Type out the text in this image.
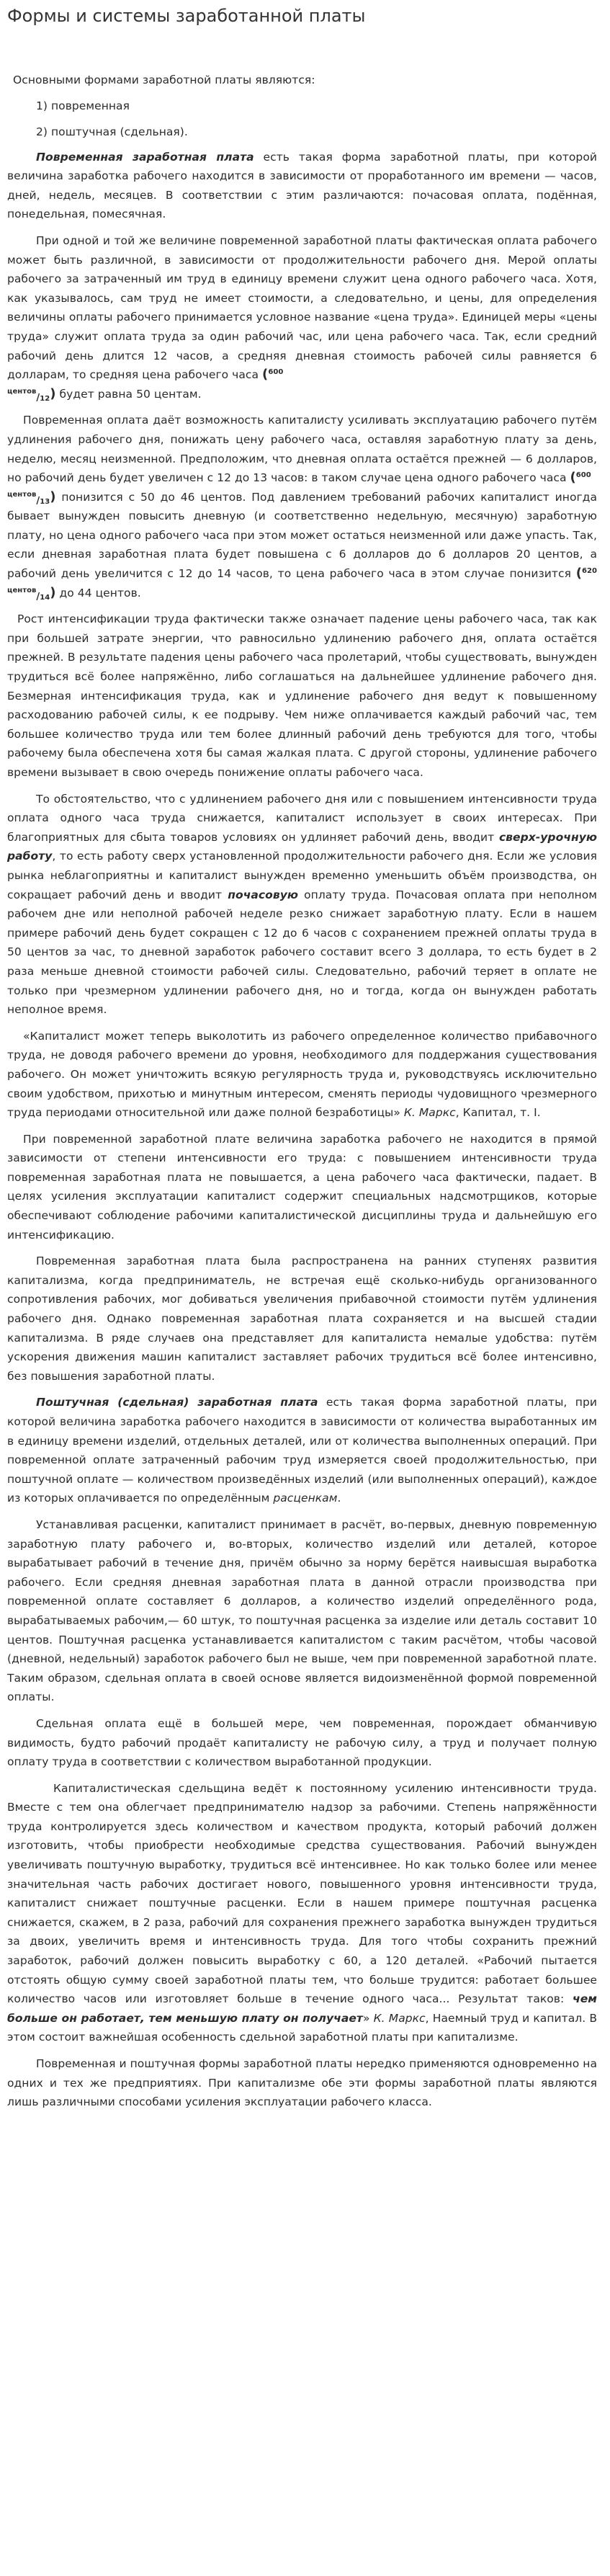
Формы и системы заработанной платы

Основными формами заработной платы являются:

1) повременная

2) поштучная (сдельная).

Повременная заработная плата есть такая форма заработной платы, при которой величина заработка рабочего находится в зависимости от проработанного им времени — часов, дней, недель, месяцев. В соответствии с этим различаются: почасовая оплата, подённая, понедельная, помесячная.

При одной и той же величине повременной заработной платы фактическая оплата рабочего может быть различной, в зависимости от продолжительности рабочего дня. Мерой оплаты рабочего за затраченный им труд в единицу времени служит цена одного рабочего часа. Хотя, как указывалось, сам труд не имеет стоимости, а следовательно, и цены, для определения величины оплаты рабочего принимается условное название «цена труда». Единицей меры «цены труда» служит оплата труда за один рабочий час, или цена рабочего часа. Так, если средний рабочий день длится 12 часов, а средняя дневная стоимость рабочей силы равняется 6 долларам, то средняя цена рабочего часа ($^{600}$
$^{центов}_{/12}$) будет равна 50 центам.

Повременная оплата даёт возможность капиталисту усиливать эксплуатацию рабочего путём удлинения рабочего дня, понижать цену рабочего часа, оставляя заработную плату за день, неделю, месяц неизменной. Предположим, что дневная оплата остаётся прежней — 6 долларов, но рабочий день будет увеличен с 12 до 13 часов: в таком случае цена одного рабочего часа ($^{600}$
$^{центов}_{/13}$) понизится с 50 до 46 центов. Под давлением требований рабочих капиталист иногда бывает вынужден повысить дневную (и соответственно недельную, месячную) заработную плату, но цена одного рабочего часа при этом может остаться неизменной или даже упасть. Так, если дневная заработная плата будет повышена с 6 долларов до 6 долларов 20 центов, а рабочий день увеличится с 12 до 14 часов, то цена рабочего часа в этом случае понизится ($^{620 центов}_{/14}$) до 44 центов.

Рост интенсификации труда фактически также означает падение цены рабочего часа, так как при большей затрате энергии, что равносильно удлинению рабочего дня, оплата остаётся прежней. В результате падения цены рабочего часа пролетарий, чтобы существовать, вынужден трудиться всё более напряжённо, либо соглашаться на дальнейшее удлинение рабочего дня. Безмерная интенсификация труда, как и удлинение рабочего дня ведут к повышенному расходованию рабочей силы, к ее подрыву. Чем ниже оплачивается каждый рабочий час, тем большее количество труда или тем более длинный рабочий день требуются для того, чтобы рабочему была обеспечена хотя бы самая жалкая плата. С другой стороны, удлинение рабочего времени вызывает в свою очередь понижение оплаты рабочего часа.

То обстоятельство, что с удлинением рабочего дня или с повышением интенсивности труда оплата одного часа труда снижается, капиталист использует в своих интересах. При благоприятных для сбыта товаров условиях он удлиняет рабочий день, вводит сверх-урочную работу, то есть работу сверх установленной продолжительности рабочего дня. Если же условия рынка неблагоприятны и капиталист вынужден временно уменьшить объём производства, он сокращает рабочий день и вводит почасовую оплату труда. Почасовая оплата при неполном рабочем дне или неполной рабочей неделе резко снижает заработную плату. Если в нашем примере рабочий день будет сокращен с 12 до 6 часов с сохранением прежней оплаты труда в 50 центов за час, то дневной заработок рабочего составит всего 3 доллара, то есть будет в 2 раза меньше дневной стоимости рабочей силы. Следовательно, рабочий теряет в оплате не только при чрезмерном удлинении рабочего дня, но и тогда, когда он вынужден работать неполное время.

«Капиталист может теперь выколотить из рабочего определенное количество прибавочного труда, не доводя рабочего времени до уровня, необходимого для поддержания существования рабочего. Он может уничтожить всякую регулярность труда и, руководствуясь исключительно своим удобством, прихотью и минутным интересом, сменять периоды чудовищного чрезмерного труда периодами относительной или даже полной безработицы» К. Маркс, Капитал, т. I.

При повременной заработной плате величина заработка рабочего не находится в прямой зависимости от степени интенсивности его труда: с повышением интенсивности труда повременная заработная плата не повышается, а цена рабочего часа фактически, падает. В целях усиления эксплуатации капиталист содержит специальных надсмотрщиков, которые обеспечивают соблюдение рабочими капиталистической дисциплины труда и дальнейшую его интенсификацию.

Повременная заработная плата была распространена на ранних ступенях развития капитализма, когда предприниматель, не встречая ещё сколько-нибудь организованного сопротивления рабочих, мог добиваться увеличения прибавочной стоимости путём удлинения рабочего дня. Однако повременная заработная плата сохраняется и на высшей стадии капитализма. В ряде случаев она представляет для капиталиста немалые удобства: путём ускорения движения машин капиталист заставляет рабочих трудиться всё более интенсивно, без повышения заработной платы.

Поштучная (сдельная) заработная плата есть такая форма заработной платы, при которой величина заработка рабочего находится в зависимости от количества выработанных им в единицу времени изделий, отдельных деталей, или от количества выполненных операций. При повременной оплате затраченный рабочим труд измеряется своей продолжительностью, при поштучной оплате — количеством произведённых изделий (или выполненных операций), каждое из которых оплачивается по определённым расценкам.

Устанавливая расценки, капиталист принимает в расчёт, во-первых, дневную повременную заработную плату рабочего и, во-вторых, количество изделий или деталей, которое вырабатывает рабочий в течение дня, причём обычно за норму берётся наивысшая выработка рабочего. Если средняя дневная заработная плата в данной отрасли производства при повременной оплате составляет 6 долларов, а количество изделий определённого рода, вырабатываемых рабочим,— 60 штук, то поштучная расценка за изделие или деталь составит 10 центов. Поштучная расценка устанавливается капиталистом с таким расчётом, чтобы часовой (дневной, недельный) заработок рабочего был не выше, чем при повременной заработной плате. Таким образом, сдельная оплата в своей основе является видоизменённой формой повременной оплаты.

Сдельная оплата ещё в большей мере, чем повременная, порождает обманчивую видимость, будто рабочий продаёт капиталисту не рабочую силу, а труд и получает полную оплату труда в соответствии с количеством выработанной продукции.

Капиталистическая сдельщина ведёт к постоянному усилению интенсивности труда. Вместе с тем она облегчает предпринимателю надзор за рабочими. Степень напряжённости труда контролируется здесь количеством и качеством продукта, который рабочий должен изготовить, чтобы приобрести необходимые средства существования. Рабочий вынужден увеличивать поштучную выработку, трудиться всё интенсивнее. Но как только более или менее значительная часть рабочих достигает нового, повышенного уровня интенсивности труда, капиталист снижает поштучные расценки. Если в нашем примере поштучная расценка снижается, скажем, в 2 раза, рабочий для сохранения прежнего заработка вынужден трудиться за двоих, увеличить время и интенсивность труда. Для того чтобы сохранить прежний заработок, рабочий должен повысить выработку с 60, а 120 деталей. «Рабочий пытается отстоять общую сумму своей заработной платы тем, что больше трудится: работает большее количество часов или изготовляет больше в течение одного часа... Результат таков: чем больше он работает, тем меньшую плату он получает» К. Маркс, Наемный труд и капитал. В этом состоит важнейшая особенность сдельной заработной платы при капитализме.

Повременная и поштучная формы заработной платы нередко применяются одновременно на одних и тех же предприятиях. При капитализме обе эти формы заработной платы являются лишь различными способами усиления эксплуатации рабочего класса.
